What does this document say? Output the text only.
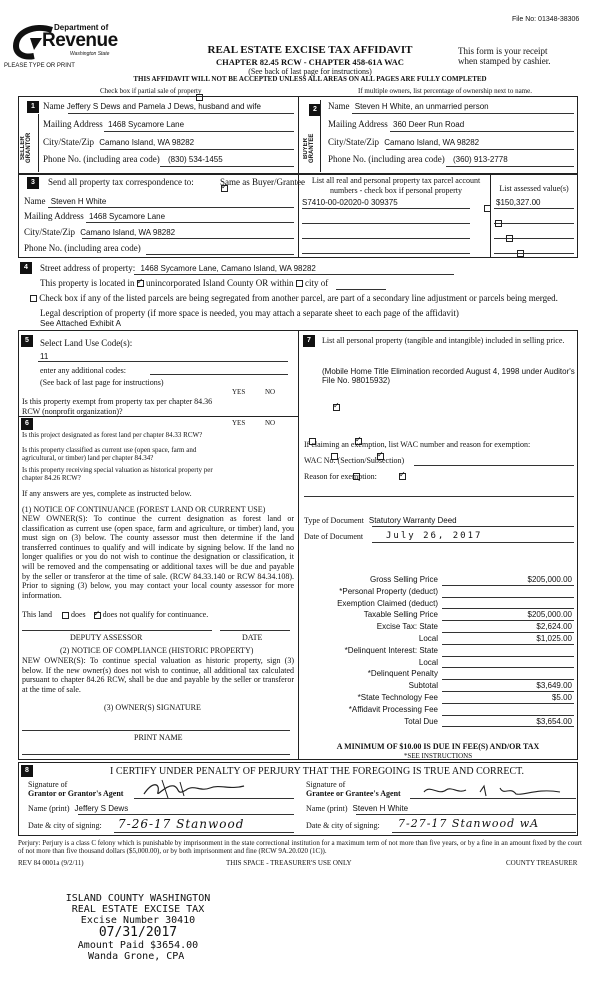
File No: 01348-38306
Department of
Revenue
Washington State
PLEASE TYPE OR PRINT
REAL ESTATE EXCISE TAX AFFIDAVIT
CHAPTER 82.45 RCW - CHAPTER 458-61A WAC
(See back of last page for instructions)
This form is your receipt
when stamped by cashier.
THIS AFFIDAVIT WILL NOT BE ACCEPTED UNLESS ALL AREAS ON ALL PAGES ARE FULLY COMPLETED
Check box if partial sale of property
	If multiple owners, list percentage of ownership next to name.
1
SELLER GRANTOR
Name Jeffery S Dews and Pamela J Dews, husband and wife
Mailing Address 1468 Sycamore Lane
City/State/Zip Camano Island, WA 98282
Phone No. (including area code) (830) 534-1455
2
BUYER GRANTEE
Name Steven H White, an unmarried person
Mailing Address 360 Deer Run Road
City/State/Zip Camano Island, WA 98282
Phone No. (including area code) (360) 913-2778
3	Send all property tax correspondence to:
✓	Same as Buyer/Grantee
Name Steven H White
Mailing Address 1468 Sycamore Lane
City/State/Zip Camano Island, WA 98282
Phone No. (including area code)
List all real and personal property tax parcel account
numbers - check box if personal property	List assessed value(s)
S7410-00-02020-0 309375	$150,327.00

4	Street address of property: 1468 Sycamore Lane, Camano Island, WA 98282
This property is located in ✓ unincorporated Island County OR within city of
Check box if any of the listed parcels are being segregated from another parcel, are part of a secondary line adjustment or parcels being merged.
Legal description of property (if more space is needed, you may attach a separate sheet to each page of the affidavit)
See Attached Exhibit A
5	Select Land Use Code(s):
11
enter any additional codes:
(See back of last page for instructions)
YES	NO
Is this property exempt from property tax per chapter 84.36 RCW (nonprofit organization)?
✓
6	YES	NO
Is this project designated as forest land per chapter 84.33 RCW?
✓
Is this property classified as current use (open space, farm and agricultural, or timber) land per chapter 84.34?
✓
Is this property receiving special valuation as historical property per chapter 84.26 RCW?
✓
If any answers are yes, complete as instructed below.
(1) NOTICE OF CONTINUANCE (FOREST LAND OR CURRENT USE)
NEW OWNER(S): To continue the current designation as forest land or classification as current use (open space, farm and agriculture, or timber) land, you must sign on (3) below. The county assessor must then determine if the land transferred continues to qualify and will indicate by signing below. If the land no longer qualifies or you do not wish to continue the designation or classification, it will be removed and the compensating or additional taxes will be due and payable by the seller or transferor at the time of sale. (RCW 84.33.140 or RCW 84.34.108). Prior to signing (3) below, you may contact your local county assessor for more information.
This land does ✓ does not qualify for continuance.
DEPUTY ASSESSOR	DATE
(2) NOTICE OF COMPLIANCE (HISTORIC PROPERTY)
NEW OWNER(S): To continue special valuation as historic property, sign (3) below. If the new owner(s) does not wish to continue, all additional tax calculated pursuant to chapter 84.26 RCW, shall be due and payable by the seller or transferor at the time of sale.
(3) OWNER(S) SIGNATURE
PRINT NAME
7	List all personal property (tangible and intangible) included in selling price.
(Mobile Home Title Elimination recorded August 4, 1998 under Auditor's File No. 98015932)
If claiming an exemption, list WAC number and reason for exemption:
WAC No. (Section/Subsection)
Reason for exemption:
Type of Document Statutory Warranty Deed
Date of Document	July 26, 2017
Gross Selling Price	$205,000.00
*Personal Property (deduct)
Exemption Claimed (deduct)
Taxable Selling Price	$205,000.00
Excise Tax: State	$2,624.00
Local	$1,025.00
*Delinquent Interest: State
Local
*Delinquent Penalty
Subtotal	$3,649.00
*State Technology Fee	$5.00
*Affidavit Processing Fee
Total Due	$3,654.00
A MINIMUM OF $10.00 IS DUE IN FEE(S) AND/OR TAX
*SEE INSTRUCTIONS
8	I CERTIFY UNDER PENALTY OF PERJURY THAT THE FOREGOING IS TRUE AND CORRECT.
Signature of
Grantor or Grantor's Agent
Name (print) Jeffery S Dews
Date & city of signing: 7-26-17 Stanwood
Signature of
Grantee or Grantee's Agent
Name (print) Steven H White
Date & city of signing: 7-27-17 Stanwood wA
Perjury: Perjury is a class C felony which is punishable by imprisonment in the state correctional institution for a maximum term of not more than five years, or by a fine in an amount fixed by the court of not more than five thousand dollars ($5,000.00), or by both imprisonment and fine (RCW 9A.20.020 (1C)).
REV 84 0001a (9/2/11)	THIS SPACE - TREASURER'S USE ONLY	COUNTY TREASURER
ISLAND COUNTY WASHINGTON
REAL ESTATE EXCISE TAX
Excise Number 30410
07/31/2017
Amount Paid $3654.00
Wanda Grone, CPA
